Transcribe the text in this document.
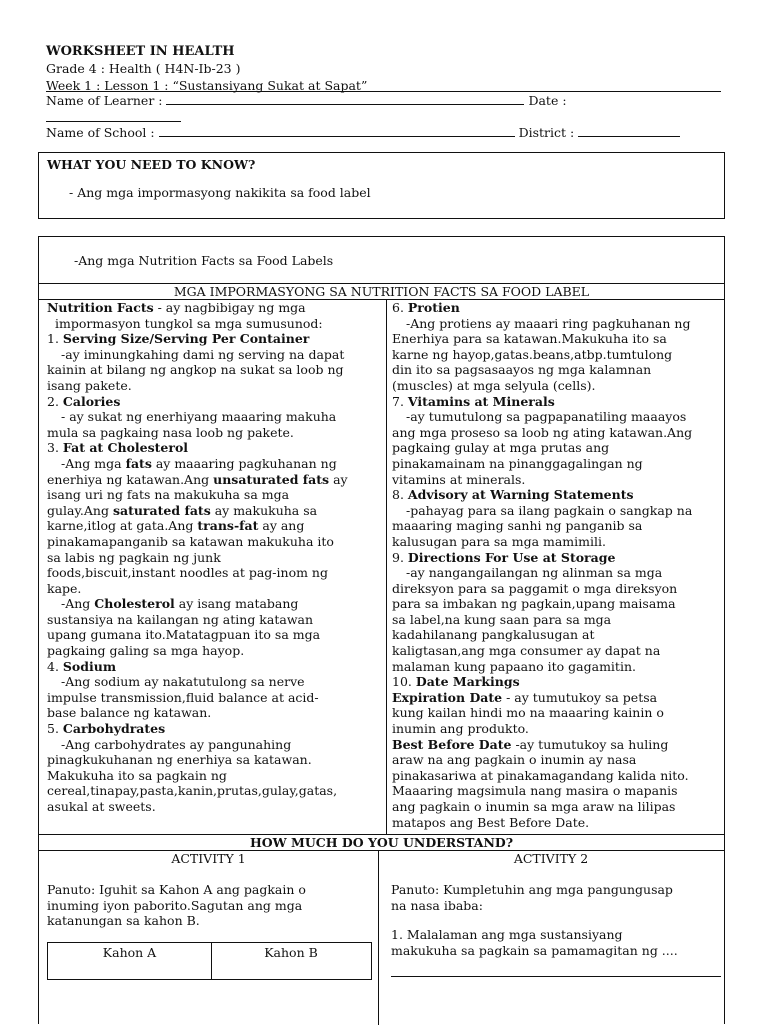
WORKSHEET IN HEALTH
Grade 4 : Health ( H4N-Ib-23 )
Week 1 : Lesson 1 : “Sustansiyang Sukat at Sapat”
Name of Learner :	Date :
Name of School :	District :
WHAT YOU NEED TO KNOW?
- Ang mga impormasyong nakikita sa food label
-Ang mga Nutrition Facts sa Food Labels
MGA IMPORMASYONG SA NUTRITION FACTS SA FOOD LABEL

Nutrition Facts - ay nagbibigay ng mga

impormasyon tungkol sa mga sumusunod:

1. Serving Size/Serving Per Container

-ay iminungkahing dami ng serving na dapat

kainin at bilang ng angkop na sukat sa loob ng

isang pakete.

2. Calories

- ay sukat ng enerhiyang maaaring makuha

mula sa pagkaing nasa loob ng pakete.

3. Fat at Cholesterol

-Ang mga fats ay maaaring pagkuhanan ng

enerhiya ng katawan.Ang unsaturated fats ay

isang uri ng fats na makukuha sa mga

gulay.Ang saturated fats ay makukuha sa

karne,itlog at gata.Ang trans-fat ay ang

pinakamapanganib sa katawan makukuha ito

sa labis ng pagkain ng junk

foods,biscuit,instant noodles at pag-inom ng

kape.

-Ang Cholesterol ay isang matabang

sustansiya na kailangan ng ating katawan

upang gumana ito.Matatagpuan ito sa mga

pagkaing galing sa mga hayop.

4. Sodium

-Ang sodium ay nakatutulong sa nerve

impulse transmission,fluid balance at acid-

base balance ng katawan.

5. Carbohydrates

-Ang carbohydrates ay pangunahing

pinagkukuhanan ng enerhiya sa katawan.

Makukuha ito sa pagkain ng

cereal,tinapay,pasta,kanin,prutas,gulay,gatas,

asukal at sweets.

6. Protien

-Ang protiens ay maaari ring pagkuhanan ng

Enerhiya para sa katawan.Makukuha ito sa

karne ng hayop,gatas.beans,atbp.tumtulong

din ito sa pagsasaayos ng mga kalamnan

(muscles) at mga selyula (cells).

7. Vitamins at Minerals

-ay tumutulong sa pagpapanatiling maaayos

ang mga proseso sa loob ng ating katawan.Ang

pagkaing gulay at mga prutas ang

pinakamainam na pinanggagalingan ng

vitamins at minerals.

8. Advisory at Warning Statements

-pahayag para sa ilang pagkain o sangkap na

maaaring maging sanhi ng panganib sa

kalusugan para sa mga mamimili.

9. Directions For Use at Storage

-ay nangangailangan ng alinman sa mga

direksyon para sa paggamit o mga direksyon

para sa imbakan ng pagkain,upang maisama

sa label,na kung saan para sa mga

kadahilanang pangkalusugan at

kaligtasan,ang mga consumer ay dapat na

malaman kung papaano ito gagamitin.

10. Date Markings

Expiration Date - ay tumutukoy sa petsa

kung kailan hindi mo na maaaring kainin o

inumin ang produkto.

Best Before Date -ay tumutukoy sa huling

araw na ang pagkain o inumin ay nasa

pinakasariwa at pinakamagandang kalida nito.

Maaaring magsimula nang masira o mapanis

ang pagkain o inumin sa mga araw na lilipas

matapos ang Best Before Date.

HOW MUCH DO YOU UNDERSTAND?
ACTIVITY 1

Panuto: Iguhit sa Kahon A ang pagkain o

inuming iyon paborito.Sagutan ang mga

katanungan sa kahon B.

Kahon A	Kahon B
ACTIVITY 2

Panuto: Kumpletuhin ang mga pangungusap

na nasa ibaba:

1. Malalaman ang mga sustansiyang

makukuha sa pagkain sa pamamagitan ng ....
